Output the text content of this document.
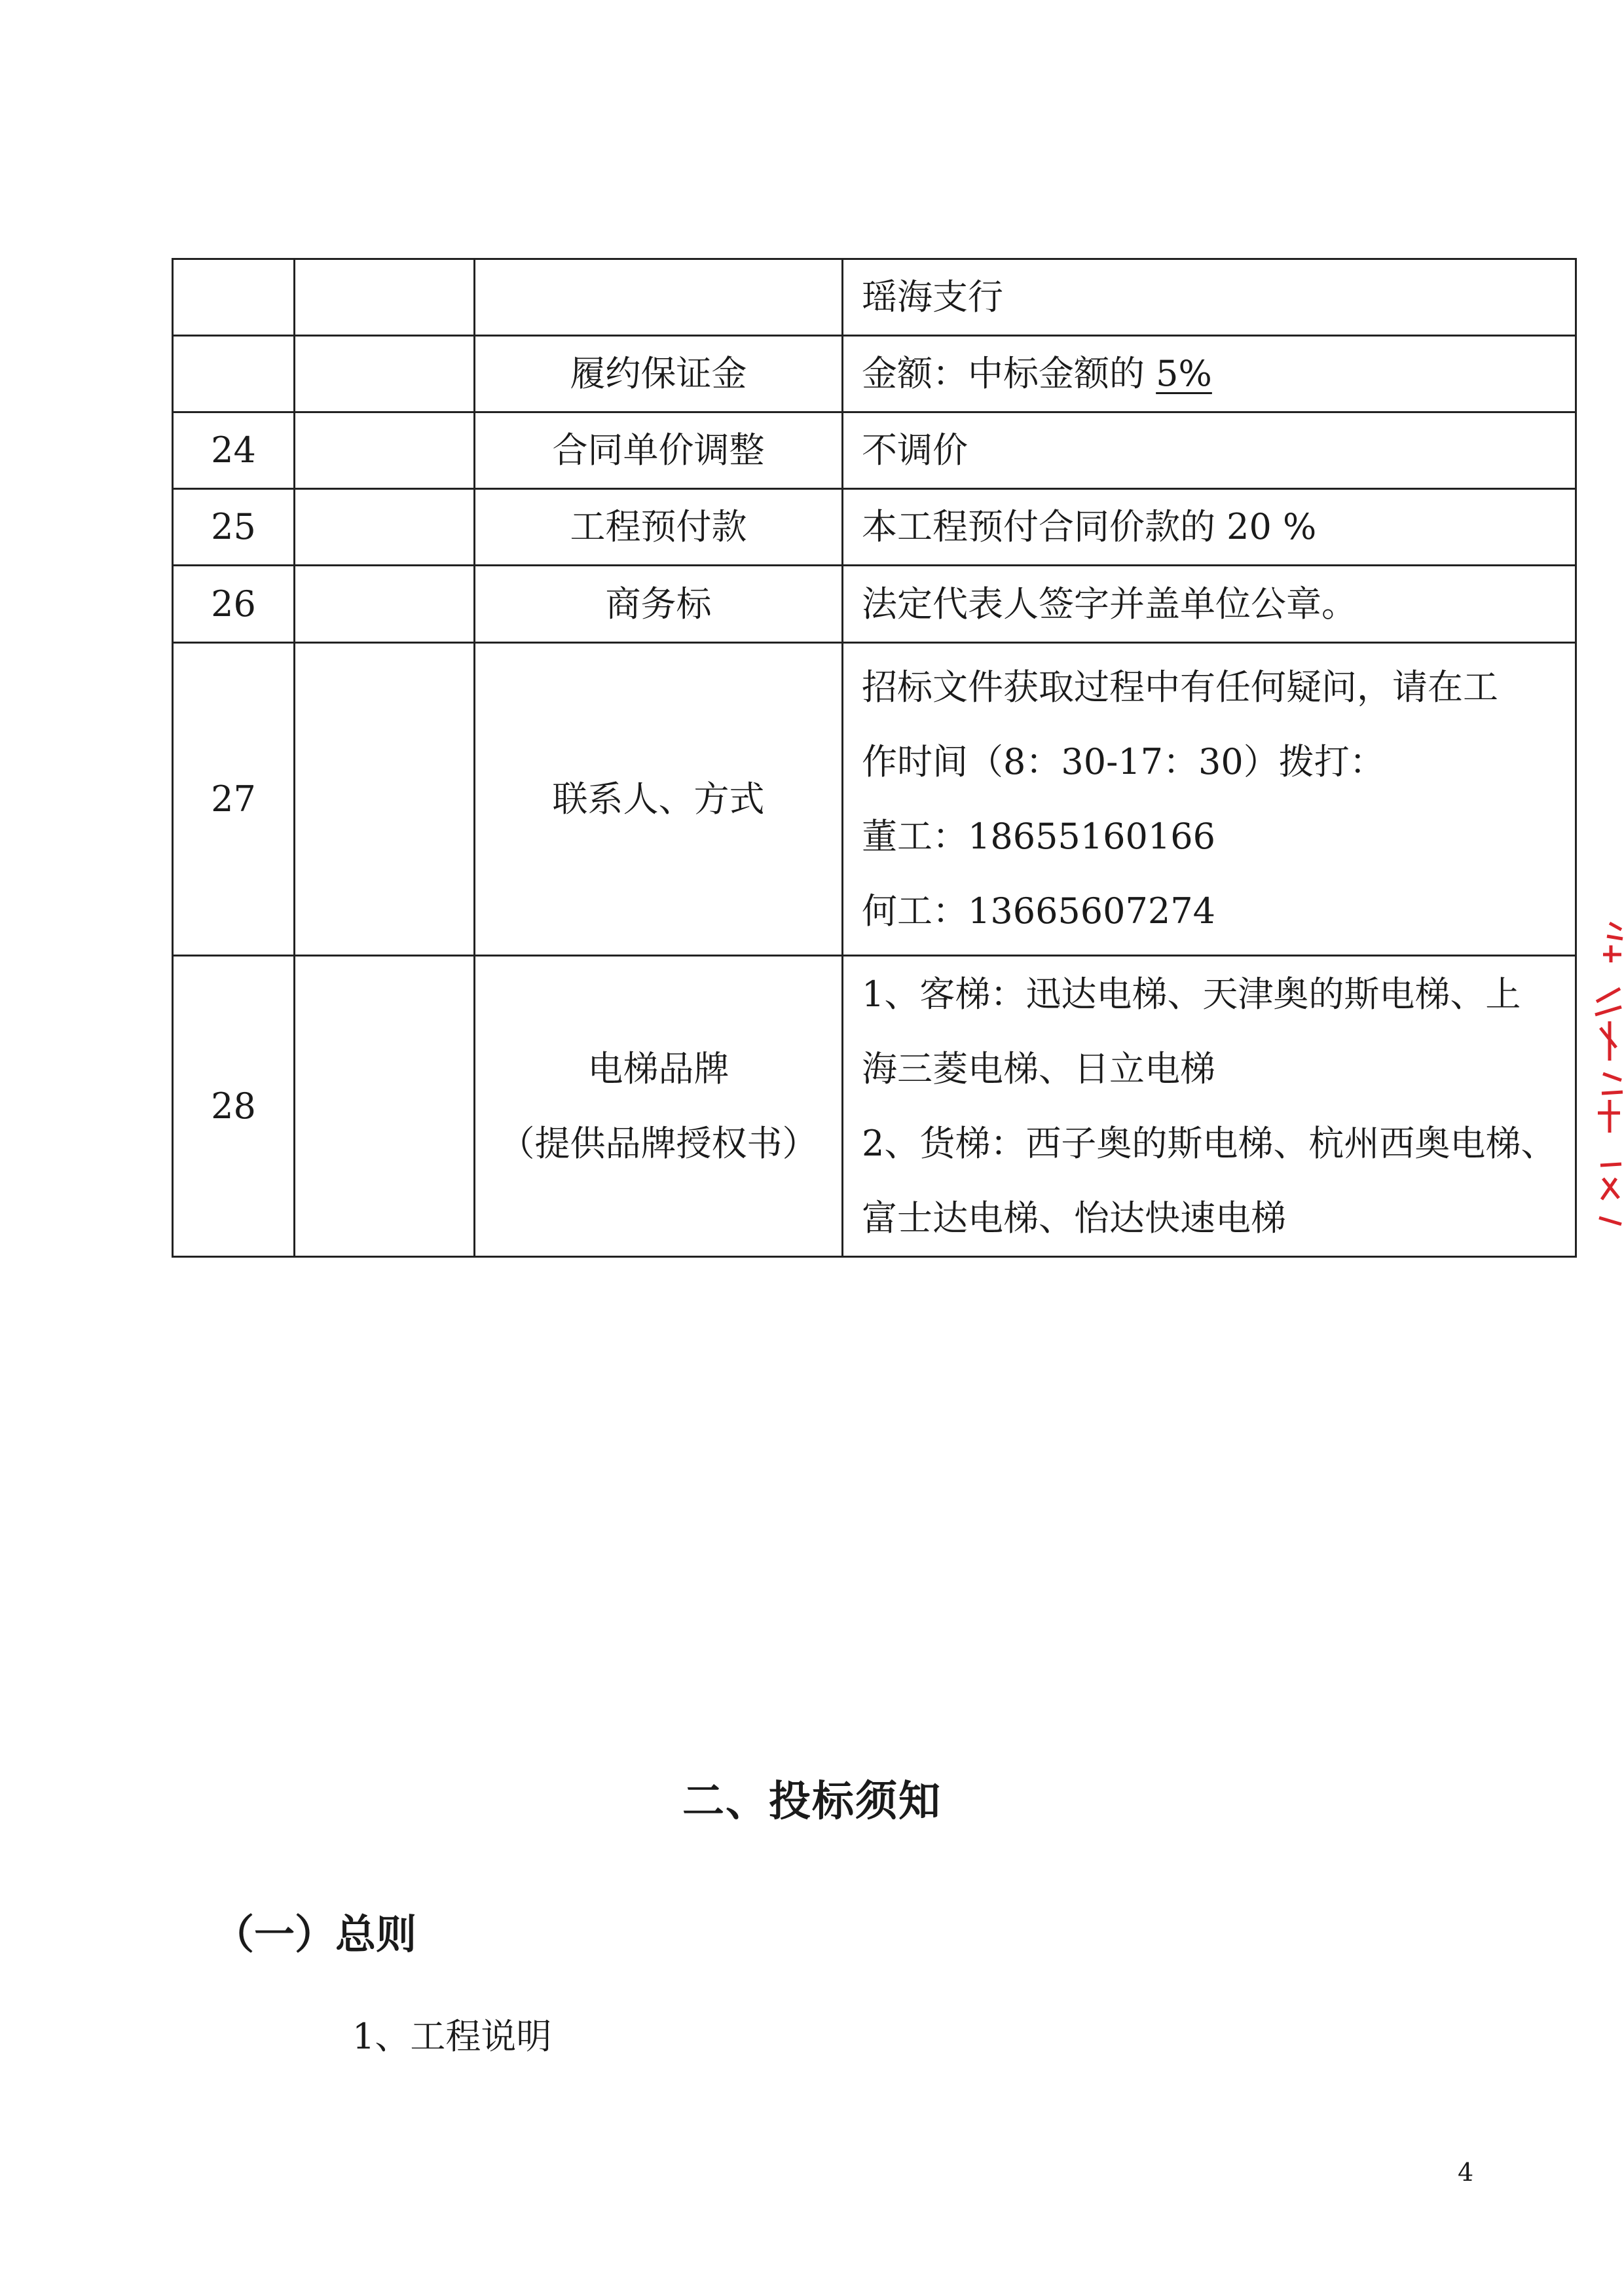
			瑶海支行

		履约保证金	金额：中标金额的 5%

24		合同单价调整	不调价

25		工程预付款	本工程预付合同价款的 20 %

26		商务标	法定代表人签字并盖单位公章。

27		联系人、方式	招标文件获取过程中有任何疑问，请在工
作时间（8：30-17：30）拨打：
董工：18655160166
何工：13665607274

28		电梯品牌
（提供品牌授权书）	1、客梯：迅达电梯、天津奥的斯电梯、上
海三菱电梯、日立电梯
2、货梯：西子奥的斯电梯、杭州西奥电梯、
富士达电梯、怡达快速电梯
二、投标须知
（一）总则
1、工程说明
4
